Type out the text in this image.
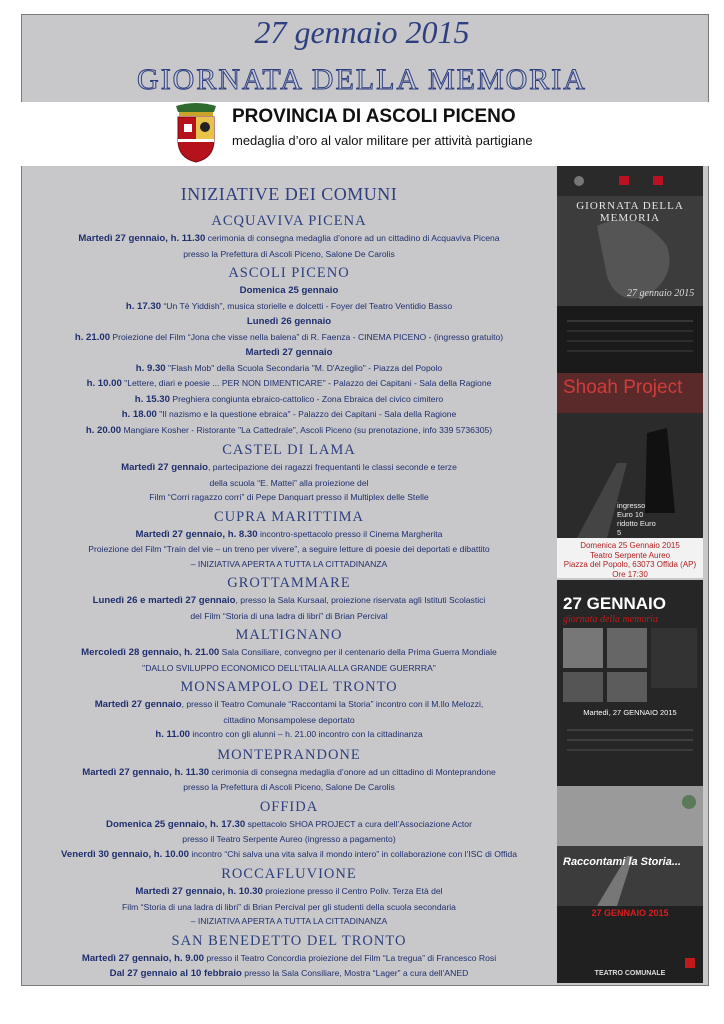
27 gennaio 2015
GIORNATA DELLA MEMORIA
PROVINCIA DI ASCOLI PICENO
medaglia d’oro al valor militare per attività partigiane
INIZIATIVE DEI COMUNI
ACQUAVIVA PICENA
Martedì 27 gennaio, h. 11.30 cerimonia di consegna medaglia d’onore ad un cittadino di Acquaviva Picena
presso la Prefettura di Ascoli Piceno, Salone De Carolis
ASCOLI PICENO
Domenica 25 gennaio
h. 17.30 “Un Tè Yiddish”, musica storielle e dolcetti - Foyer del Teatro Ventidio Basso
Lunedì 26 gennaio
h. 21.00 Proiezione del Film “Jona che visse nella balena” di R. Faenza - CINEMA PICENO - (ingresso gratuito)
Martedì 27 gennaio
h. 9.30 "Flash Mob" della Scuola Secondaria "M. D'Azeglio" - Piazza del Popolo
h. 10.00 "Lettere, diari e poesie ... PER NON DIMENTICARE" - Palazzo dei Capitani - Sala della Ragione
h. 15.30 Preghiera congiunta ebraico-cattolico - Zona Ebraica del civico cimitero
h. 18.00 "Il nazismo e la questione ebraica" - Palazzo dei Capitani - Sala della Ragione
h. 20.00 Mangiare Kosher - Ristorante "La Cattedrale", Ascoli Piceno (su prenotazione, info 339 5736305)
CASTEL DI LAMA
Martedì 27 gennaio, partecipazione dei ragazzi frequentanti le classi seconde e terze
della scuola “E. Mattei” alla proiezione del
Film “Corri ragazzo corri” di Pepe Danquart presso il Multiplex delle Stelle
CUPRA MARITTIMA
Martedì 27 gennaio, h. 8.30 incontro-spettacolo presso il Cinema Margherita
Proiezione del Film “Train del vie – un treno per vivere”, a seguire letture di poesie dei deportati e dibattito
– INIZIATIVA APERTA A TUTTA LA CITTADINANZA
GROTTAMMARE
Lunedì 26 e martedì 27 gennaio, presso la Sala Kursaal, proiezione riservata agli Istituti Scolastici
del Film “Storia di una ladra di libri” di Brian Percival
MALTIGNANO
Mercoledì 28 gennaio, h. 21.00 Sala Consiliare, convegno per il centenario della Prima Guerra Mondiale
"DALLO SVILUPPO ECONOMICO DELL'ITALIA ALLA GRANDE GUERRRA"
MONSAMPOLO DEL TRONTO
Martedì 27 gennaio, presso il Teatro Comunale “Raccontami la Storia” incontro con il M.llo Melozzi,
cittadino Monsampolese deportato
h. 11.00 incontro con gli alunni – h. 21.00 incontro con la cittadinanza
MONTEPRANDONE
Martedì 27 gennaio, h. 11.30 cerimonia di consegna medaglia d’onore ad un cittadino di Monteprandone
presso la Prefettura di Ascoli Piceno, Salone De Carolis
OFFIDA
Domenica 25 gennaio, h. 17.30 spettacolo SHOA PROJECT a cura dell’Associazione Actor
presso il Teatro Serpente Aureo (ingresso a pagamento)
Venerdì 30 gennaio, h. 10.00 incontro “Chi salva una vita salva il mondo intero” in collaborazione con l’ISC di Offida
ROCCAFLUVIONE
Martedì 27 gennaio, h. 10.30 proiezione presso il Centro Poliv. Terza Età del
Film “Storia di una ladra di libri” di Brian Percival per gli studenti della scuola secondaria
– INIZIATIVA APERTA A TUTTA LA CITTADINANZA
SAN BENEDETTO DEL TRONTO
Martedì 27 gennaio, h. 9.00 presso il Teatro Concordia proiezione del Film “La tregua” di Francesco Rosi
Dal 27 gennaio al 10 febbraio presso la Sala Consiliare, Mostra “Lager” a cura dell’ANED
GIORNATA DELLA MEMORIA
27 gennaio 2015
Shoah Project
ingresso Euro 10 ridotto Euro 5
Domenica 25 Gennaio 2015
Teatro Serpente Aureo
Piazza del Popolo, 63073 Offida (AP)
Ore 17:30
27 GENNAIO
giornata della memoria
Martedì, 27 GENNAIO 2015
Raccontami la Storia...
27 GENNAIO 2015
TEATRO COMUNALE
